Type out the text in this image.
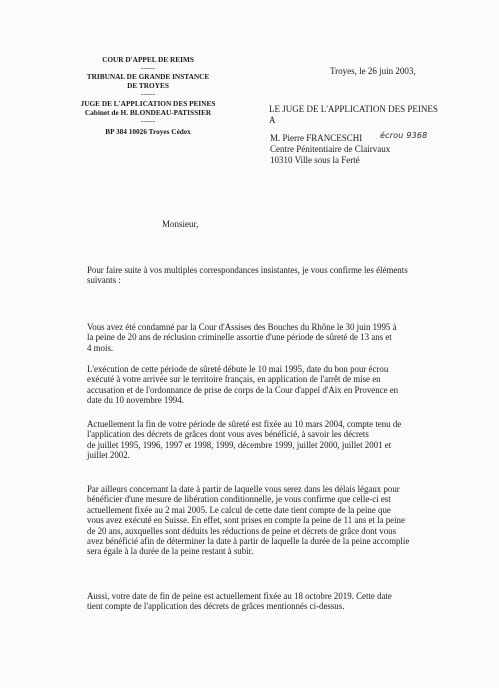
COUR D'APPEL DE REIMS
------
TRIBUNAL DE GRANDE INSTANCE
DE TROYES
------
JUGE DE L'APPLICATION DES PEINES
Cabinet de H. BLONDEAU-PATISSIER
------
BP 384 10026 Troyes Cédex
Troyes, le 26 juin 2003,
LE JUGE DE L'APPLICATION DES PEINES
A
M. Pierre FRANCESCHI écrou 9368
Centre Pénitentiaire de Clairvaux
10310 Ville sous la Ferté
Monsieur,
Pour faire suite à vos multiples correspondances insistantes, je vous confirme les éléments
suivants :
Vous avez été condamné par la Cour d'Assises des Bouches du Rhône le 30 juin 1995 à
la peine de 20 ans de réclusion criminelle assortie d'une période de sûreté de 13 ans et
4 mois.
L'exécution de cette période de sûreté débute le 10 mai 1995, date du bon pour écrou
exécuté à votre arrivée sur le territoire français, en application de l'arrêt de mise en
accusation et de l'ordonnance de prise de corps de la Cour d'appel d'Aix en Provence en
date du 10 novembre 1994.
Actuellement la fin de votre période de sûreté est fixée au 10 mars 2004, compte tenu de
l'application des décrets de grâces dont vous aves bénéficié, à savoir les décrets
de juillet 1995, 1996, 1997 et 1998, 1999, décembre 1999, juillet 2000, juillet 2001 et
juillet 2002.
Par ailleurs concernant la date à partir de laquelle vous serez dans les délais légaux pour
bénéficier d'une mesure de libération conditionnelle, je vous confirme que celle-ci est
actuellement fixée au 2 mai 2005. Le calcul de cette date tient compte de la peine que
vous avez exécuté en Suisse. En effet, sont prises en compte la peine de 11 ans et la peine
de 20 ans, auxquelles sont déduits les réductions de peine et décrets de grâce dont vous
avez bénéficié afin de déterminer la date à partir de laquelle la durée de la peine accomplie
sera égale à la durée de la peine restant à subir.
Aussi, votre date de fin de peine est actuellement fixée au 18 octobre 2019. Cette date
tient compte de l'application des décrets de grâces mentionnés ci-dessus.
